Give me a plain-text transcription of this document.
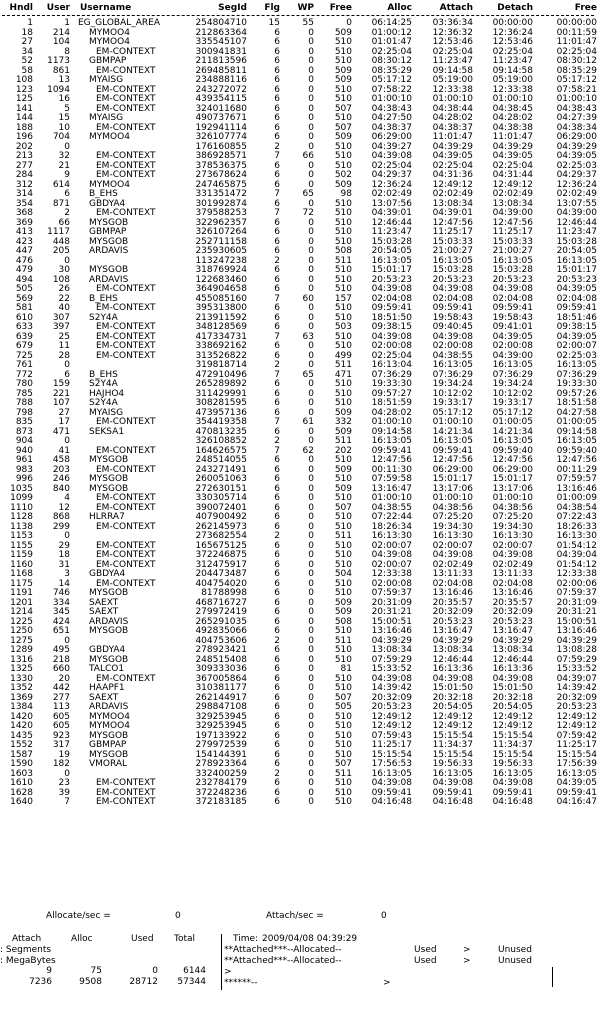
Hndl	User Username	SegId	Flg	WP	Free	Alloc	Attach	Detach	Free
1	1 EG_GLOBAL_AREA	254804710	15	55	0	06:14:25	03:36:34	00:00:00	00:00:00
18	214 MYMOO4	212863364	6	0	509	01:00:12	12:36:32	12:36:24	00:11:59
27	104 MYMOO4	335545107	6	0	510	01:01:47	12:53:46	12:53:46	11:01:47
34	8	EM-CONTEXT	300941831	6	0	510	02:25:04	02:25:04	02:25:04	02:25:04
52	1173 GBMPAP	211813596	6	0	510	08:30:12	11:23:47	11:23:47	08:30:12
58	861	EM-CONTEXT	269485811	6	0	509	08:35:29	09:14:58	09:14:58	08:35:29
108	13 MYAISG	234888116	6	0	509	05:17:12	05:19:00	05:19:00	05:17:12
123	1094	EM-CONTEXT	243272072	6	0	510	07:58:22	12:33:38	12:33:38	07:58:21
125	16	EM-CONTEXT	439354115	6	0	510	01:00:10	01:00:10	01:00:10	01:00:10
141	5	EM-CONTEXT	324011680	6	0	507	04:38:43	04:38:44	04:38:45	04:38:43
144	15 MYAISG	490737671	6	0	510	04:27:50	04:28:02	04:28:02	04:27:39
188	10	EM-CONTEXT	192941114	6	0	507	04:38:37	04:38:37	04:38:38	04:38:34
196	704 MYMOO4	326107774	6	0	509	06:29:00	11:01:47	11:01:47	06:29:00
202	0	176160855	2	0	510	04:39:27	04:39:29	04:39:29	04:39:29
213	32	EM-CONTEXT	386928571	7	66	510	04:39:08	04:39:05	04:39:05	04:39:05
277	21	EM-CONTEXT	378536375	6	0	510	02:25:04	02:25:04	02:25:04	02:25:03
284	9	EM-CONTEXT	273678624	6	0	502	04:29:37	04:31:36	04:31:44	04:29:37
312	614 MYMOO4	247465875	6	0	509	12:36:24	12:49:12	12:49:12	12:36:24
314	6 B_EHS	331351472	7	65	98	02:02:49	02:02:49	02:02:49	02:02:49
354	871 GBDYA4	301992874	6	0	510	13:07:56	13:08:34	13:08:34	13:07:55
368	2	EM-CONTEXT	379588253	7	72	510	04:39:01	04:39:01	04:39:00	04:39:00
369	66 MYSGOB	322962357	6	0	510	12:46:44	12:47:56	12:47:56	12:46:44
413	1117 GBMPAP	326107264	6	0	510	11:23:47	11:25:17	11:25:17	11:23:47
423	448 MYSGOB	252711158	6	0	510	15:03:28	15:03:33	15:03:33	15:03:28
447	205 ARDAVIS	235930605	6	0	508	20:54:05	21:00:27	21:00:27	20:54:05
476	0	113247238	2	0	511	16:13:05	16:13:05	16:13:05	16:13:05
479	30 MYSGOB	318769924	6	0	510	15:01:17	15:03:28	15:03:28	15:01:17
494	108 ARDAVIS	122683460	6	0	510	20:53:23	20:53:23	20:53:23	20:53:23
505	26	EM-CONTEXT	364904658	6	0	510	04:39:08	04:39:08	04:39:08	04:39:05
569	22 B_EHS	455085160	7	60	157	02:04:08	02:04:08	02:04:08	02:04:08
581	40	EM-CONTEXT	395313800	6	0	510	09:59:41	09:59:41	09:59:41	09:59:41
610	307 S2Y4A	213911592	6	0	510	18:51:50	19:58:43	19:58:43	18:51:46
633	397	EM-CONTEXT	348128569	6	0	503	09:38:15	09:40:45	09:41:01	09:38:15
639	25	EM-CONTEXT	417334731	7	63	510	04:39:08	04:39:08	04:39:05	04:39:05
679	11	EM-CONTEXT	338692162	6	0	510	02:00:08	02:00:08	02:00:08	02:00:07
725	28	EM-CONTEXT	313526822	6	0	499	02:25:04	04:38:55	04:39:00	02:25:03
761	0	319818714	2	0	511	16:13:04	16:13:05	16:13:05	16:13:05
772	6 B_EHS	472910496	7	65	471	07:36:29	07:36:29	07:36:29	07:36:29
780	159 S2Y4A	265289892	6	0	510	19:33:30	19:34:24	19:34:24	19:33:30
785	221 HAJHO4	311429991	6	0	510	09:57:27	10:12:02	10:12:02	09:57:26
788	107 S2Y4A	308281595	6	0	510	18:51:59	19:33:17	19:33:17	18:51:58
798	27 MYAISG	473957136	6	0	509	04:28:02	05:17:12	05:17:12	04:27:58
835	17	EM-CONTEXT	354419358	7	61	332	01:00:10	01:00:10	01:00:05	01:00:05
873	471 SEKSA1	470813235	6	0	509	09:14:58	14:21:34	14:21:34	09:14:58
904	0	326108852	2	0	511	16:13:05	16:13:05	16:13:05	16:13:05
940	41	EM-CONTEXT	164626575	7	62	202	09:59:41	09:59:41	09:59:40	09:59:40
961	458 MYSGOB	248514055	6	0	510	12:47:56	12:47:56	12:47:56	12:47:56
983	203	EM-CONTEXT	243271491	6	0	509	00:11:30	06:29:00	06:29:00	00:11:29
996	246 MYSGOB	260051063	6	0	510	07:59:58	15:01:17	15:01:17	07:59:57
1035	840 MYSGOB	272630151	6	0	509	13:16:47	13:17:06	13:17:06	13:16:46
1099	4	EM-CONTEXT	330305714	6	0	510	01:00:10	01:00:10	01:00:10	01:00:09
1110	12	EM-CONTEXT	390072401	6	0	507	04:38:55	04:38:56	04:38:56	04:38:54
1128	868 HLRRA7	407900492	6	0	510	07:22:44	07:25:20	07:25:20	07:22:43
1138	299	EM-CONTEXT	262145973	6	0	510	18:26:34	19:34:30	19:34:30	18:26:33
1153	0	273682554	2	0	511	16:13:30	16:13:30	16:13:30	16:13:30
1155	29	EM-CONTEXT	165675125	6	0	510	02:00:07	02:00:07	02:00:07	01:54:12
1159	18	EM-CONTEXT	372246875	6	0	510	04:39:08	04:39:08	04:39:08	04:39:04
1160	31	EM-CONTEXT	312475917	6	0	510	02:00:07	02:02:49	02:02:49	01:54:12
1168	3 GBDYA4	204473487	6	0	504	12:33:38	13:11:33	13:11:33	12:33:38
1175	14	EM-CONTEXT	404754020	6	0	510	02:00:08	02:04:08	02:04:08	02:00:06
1191	746 MYSGOB	81788998	6	0	510	07:59:37	13:16:46	13:16:46	07:59:37
1201	334 SAEXT	468716727	6	0	509	20:31:09	20:35:57	20:35:57	20:31:09
1214	345 SAEXT	279972419	6	0	509	20:31:21	20:32:09	20:32:09	20:31:21
1225	424 ARDAVIS	265291035	6	0	508	15:00:51	20:53:23	20:53:23	15:00:51
1250	651 MYSGOB	492835066	6	0	510	13:16:46	13:16:47	13:16:47	13:16:46
1275	0	404753606	2	0	511	04:39:29	04:39:29	04:39:29	04:39:29
1289	495 GBDYA4	278923421	6	0	510	13:08:34	13:08:34	13:08:34	13:08:28
1316	218 MYSGOB	248515408	6	0	510	07:59:29	12:46:44	12:46:44	07:59:29
1325	660 TALCO1	309333036	6	0	81	15:33:52	16:13:36	16:13:36	15:33:52
1330	20	EM-CONTEXT	367005864	6	0	510	04:39:08	04:39:08	04:39:08	04:39:07
1352	442 HAAPF1	310381177	6	0	510	14:39:42	15:01:50	15:01:50	14:39:42
1369	277 SAEXT	262144917	6	0	507	20:32:09	20:32:18	20:32:18	20:32:09
1384	113 ARDAVIS	298847108	6	0	505	20:53:23	20:54:05	20:54:05	20:53:23
1420	605 MYMOO4	329253945	6	0	510	12:49:12	12:49:12	12:49:12	12:49:12
1420	605 MYMOO4	329253945	6	0	510	12:49:12	12:49:12	12:49:12	12:49:12
1435	923 MYSGOB	197133922	6	0	510	07:59:43	15:15:54	15:15:54	07:59:42
1552	317 GBMPAP	279972539	6	0	510	11:25:17	11:34:37	11:34:37	11:25:17
1587	19 MYSGOB	154144391	6	0	510	15:15:54	15:15:54	15:15:54	15:15:54
1590	182 VMORAL	278923364	6	0	507	17:56:53	19:56:33	19:56:33	17:56:39
1603	0	332400259	2	0	511	16:13:05	16:13:05	16:13:05	16:13:05
1610	23	EM-CONTEXT	232784179	6	0	510	04:39:08	04:39:08	04:39:08	04:39:05
1628	39	EM-CONTEXT	372248236	6	0	510	09:59:41	09:59:41	09:59:41	09:59:41
1640	7	EM-CONTEXT	372183185	6	0	510	04:16:48	04:16:48	04:16:48	04:16:47
Allocate/sec =	0	Attach/sec =	0
Attach	Alloc	Used Total
: Segments
: MegaBytes
9	75	0	6144
7236	9508	28712	57344
Time: 2009/04/08 04:39:29
**Attached***--Allocated--	Used	>	Unused
**Attached***--Allocated--	Used	>	Unused
>
******--	>
